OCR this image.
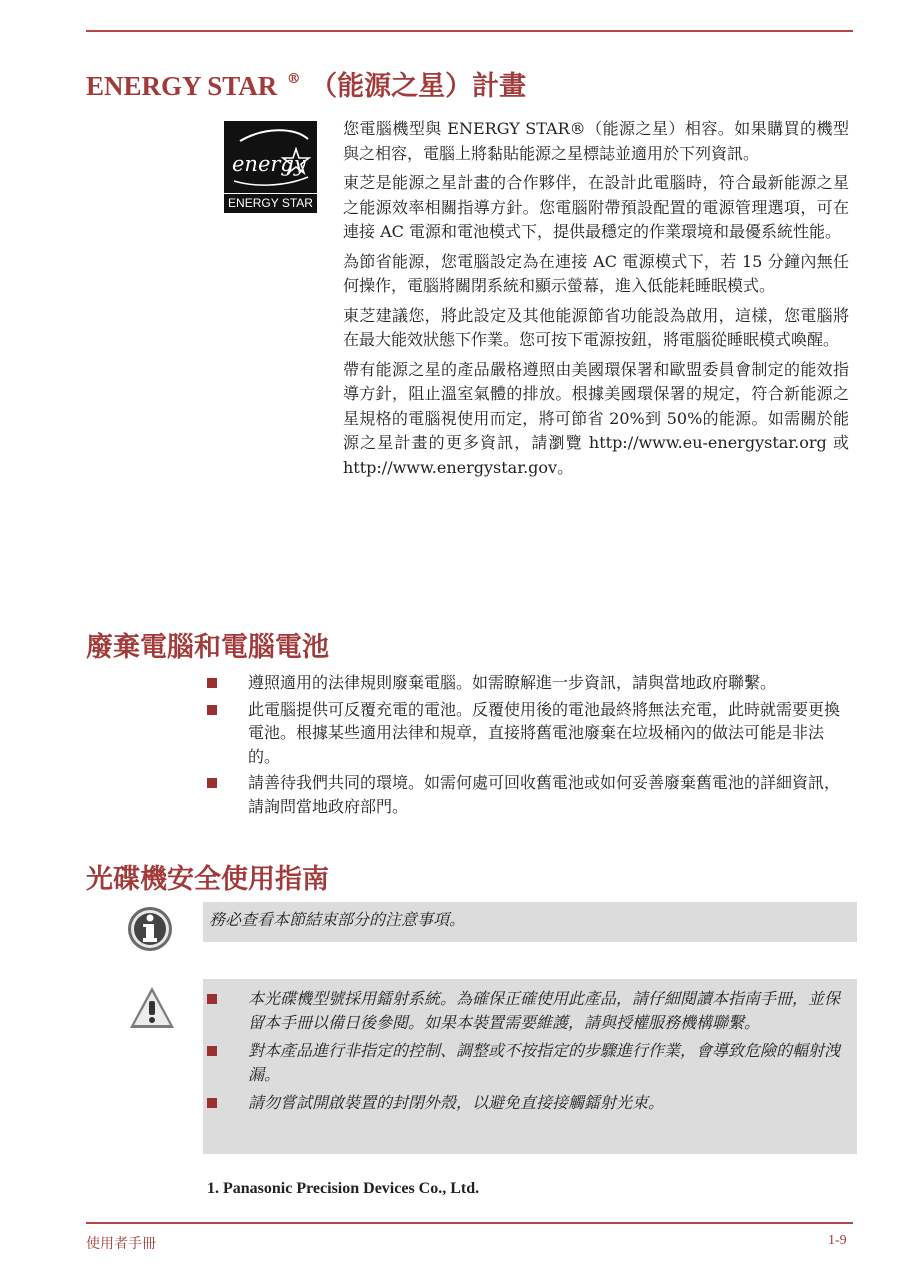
ENERGY STAR ® （能源之星）計畫
energy
ENERGY STAR

您電腦機型與 ENERGY STAR®（能源之星）相容。如果購買的機型與之相容，電腦上將黏貼能源之星標誌並適用於下列資訊。

東芝是能源之星計畫的合作夥伴，在設計此電腦時，符合最新能源之星之能源效率相關指導方針。您電腦附帶預設配置的電源管理選項，可在連接 AC 電源和電池模式下，提供最穩定的作業環境和最優系統性能。

為節省能源，您電腦設定為在連接 AC 電源模式下，若 15 分鐘內無任何操作，電腦將關閉系統和顯示螢幕，進入低能耗睡眠模式。

東芝建議您，將此設定及其他能源節省功能設為啟用，這樣，您電腦將在最大能效狀態下作業。您可按下電源按鈕，將電腦從睡眠模式喚醒。

帶有能源之星的產品嚴格遵照由美國環保署和歐盟委員會制定的能效指導方針，阻止溫室氣體的排放。根據美國環保署的規定，符合新能源之星規格的電腦視使用而定，將可節省 20%到 50%的能源。如需關於能源之星計畫的更多資訊，請瀏覽 http://www.eu-energystar.org 或 http://www.energystar.gov。

廢棄電腦和電腦電池
遵照適用的法律規則廢棄電腦。如需瞭解進一步資訊，請與當地政府聯繫。
此電腦提供可反覆充電的電池。反覆使用後的電池最終將無法充電，此時就需要更換電池。根據某些適用法律和規章，直接將舊電池廢棄在垃圾桶內的做法可能是非法的。
請善待我們共同的環境。如需何處可回收舊電池或如何妥善廢棄舊電池的詳細資訊，請詢問當地政府部門。
光碟機安全使用指南

務必查看本節結束部分的注意事項。

本光碟機型號採用鐳射系統。為確保正確使用此產品，請仔細閱讀本指南手冊，並保留本手冊以備日後參閱。如果本裝置需要維護，請與授權服務機構聯繫。
對本產品進行非指定的控制、調整或不按指定的步驟進行作業，會導致危險的輻射洩漏。
請勿嘗試開啟裝置的封閉外殼，以避免直接接觸鐳射光束。

1. Panasonic Precision Devices Co., Ltd.

使用者手冊	1-9
